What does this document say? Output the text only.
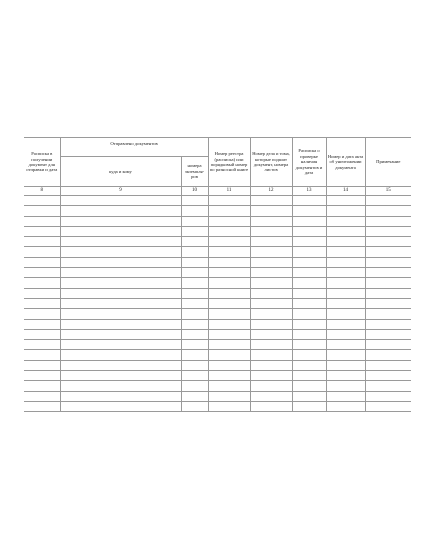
Расписка в получении документ для отправки и дата	Отправлено документов		Номер реестра (расписка) или порядковый номер по разносной книге	Номер дела и тома, которые подшит документ, номера листов	Расписка о проверке наличия документов и дата	Номер и дата акта об уничтожении документа	Примечание

	куда и кому	номера экземпля-ров					

8	9	10	11	12	13	14	15
